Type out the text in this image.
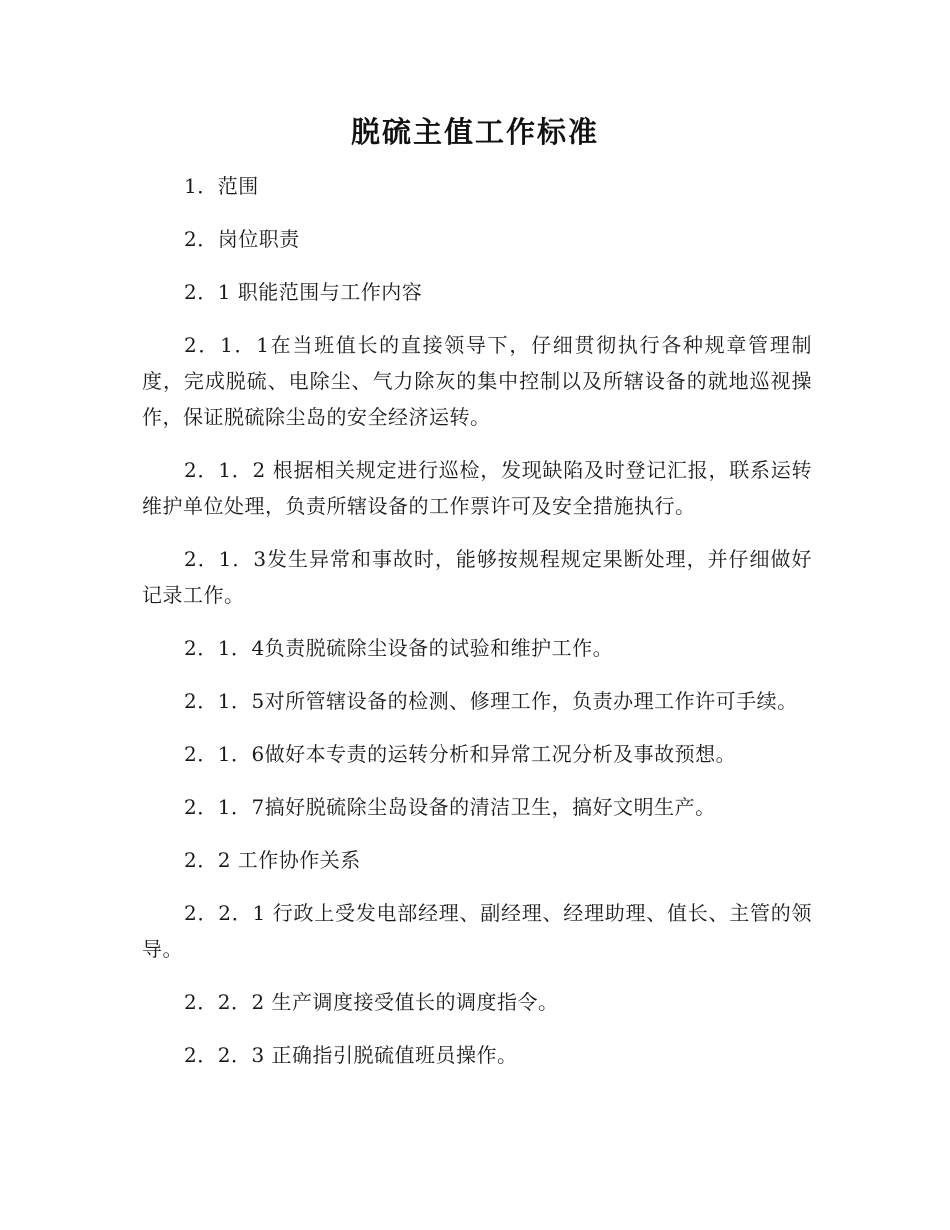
脱硫主值工作标准

1．范围

2．岗位职责

2．1 职能范围与工作内容

2．1．1在当班值长的直接领导下，仔细贯彻执行各种规章管理制度，完成脱硫、电除尘、气力除灰的集中控制以及所辖设备的就地巡视操作，保证脱硫除尘岛的安全经济运转。

2．1．2 根据相关规定进行巡检，发现缺陷及时登记汇报，联系运转维护单位处理，负责所辖设备的工作票许可及安全措施执行。

2．1．3发生异常和事故时，能够按规程规定果断处理，并仔细做好记录工作。

2．1．4负责脱硫除尘设备的试验和维护工作。

2．1．5对所管辖设备的检测、修理工作，负责办理工作许可手续。

2．1．6做好本专责的运转分析和异常工况分析及事故预想。

2．1．7搞好脱硫除尘岛设备的清洁卫生，搞好文明生产。

2．2 工作协作关系

2．2．1 行政上受发电部经理、副经理、经理助理、值长、主管的领导。

2．2．2 生产调度接受值长的调度指令。

2．2．3 正确指引脱硫值班员操作。
